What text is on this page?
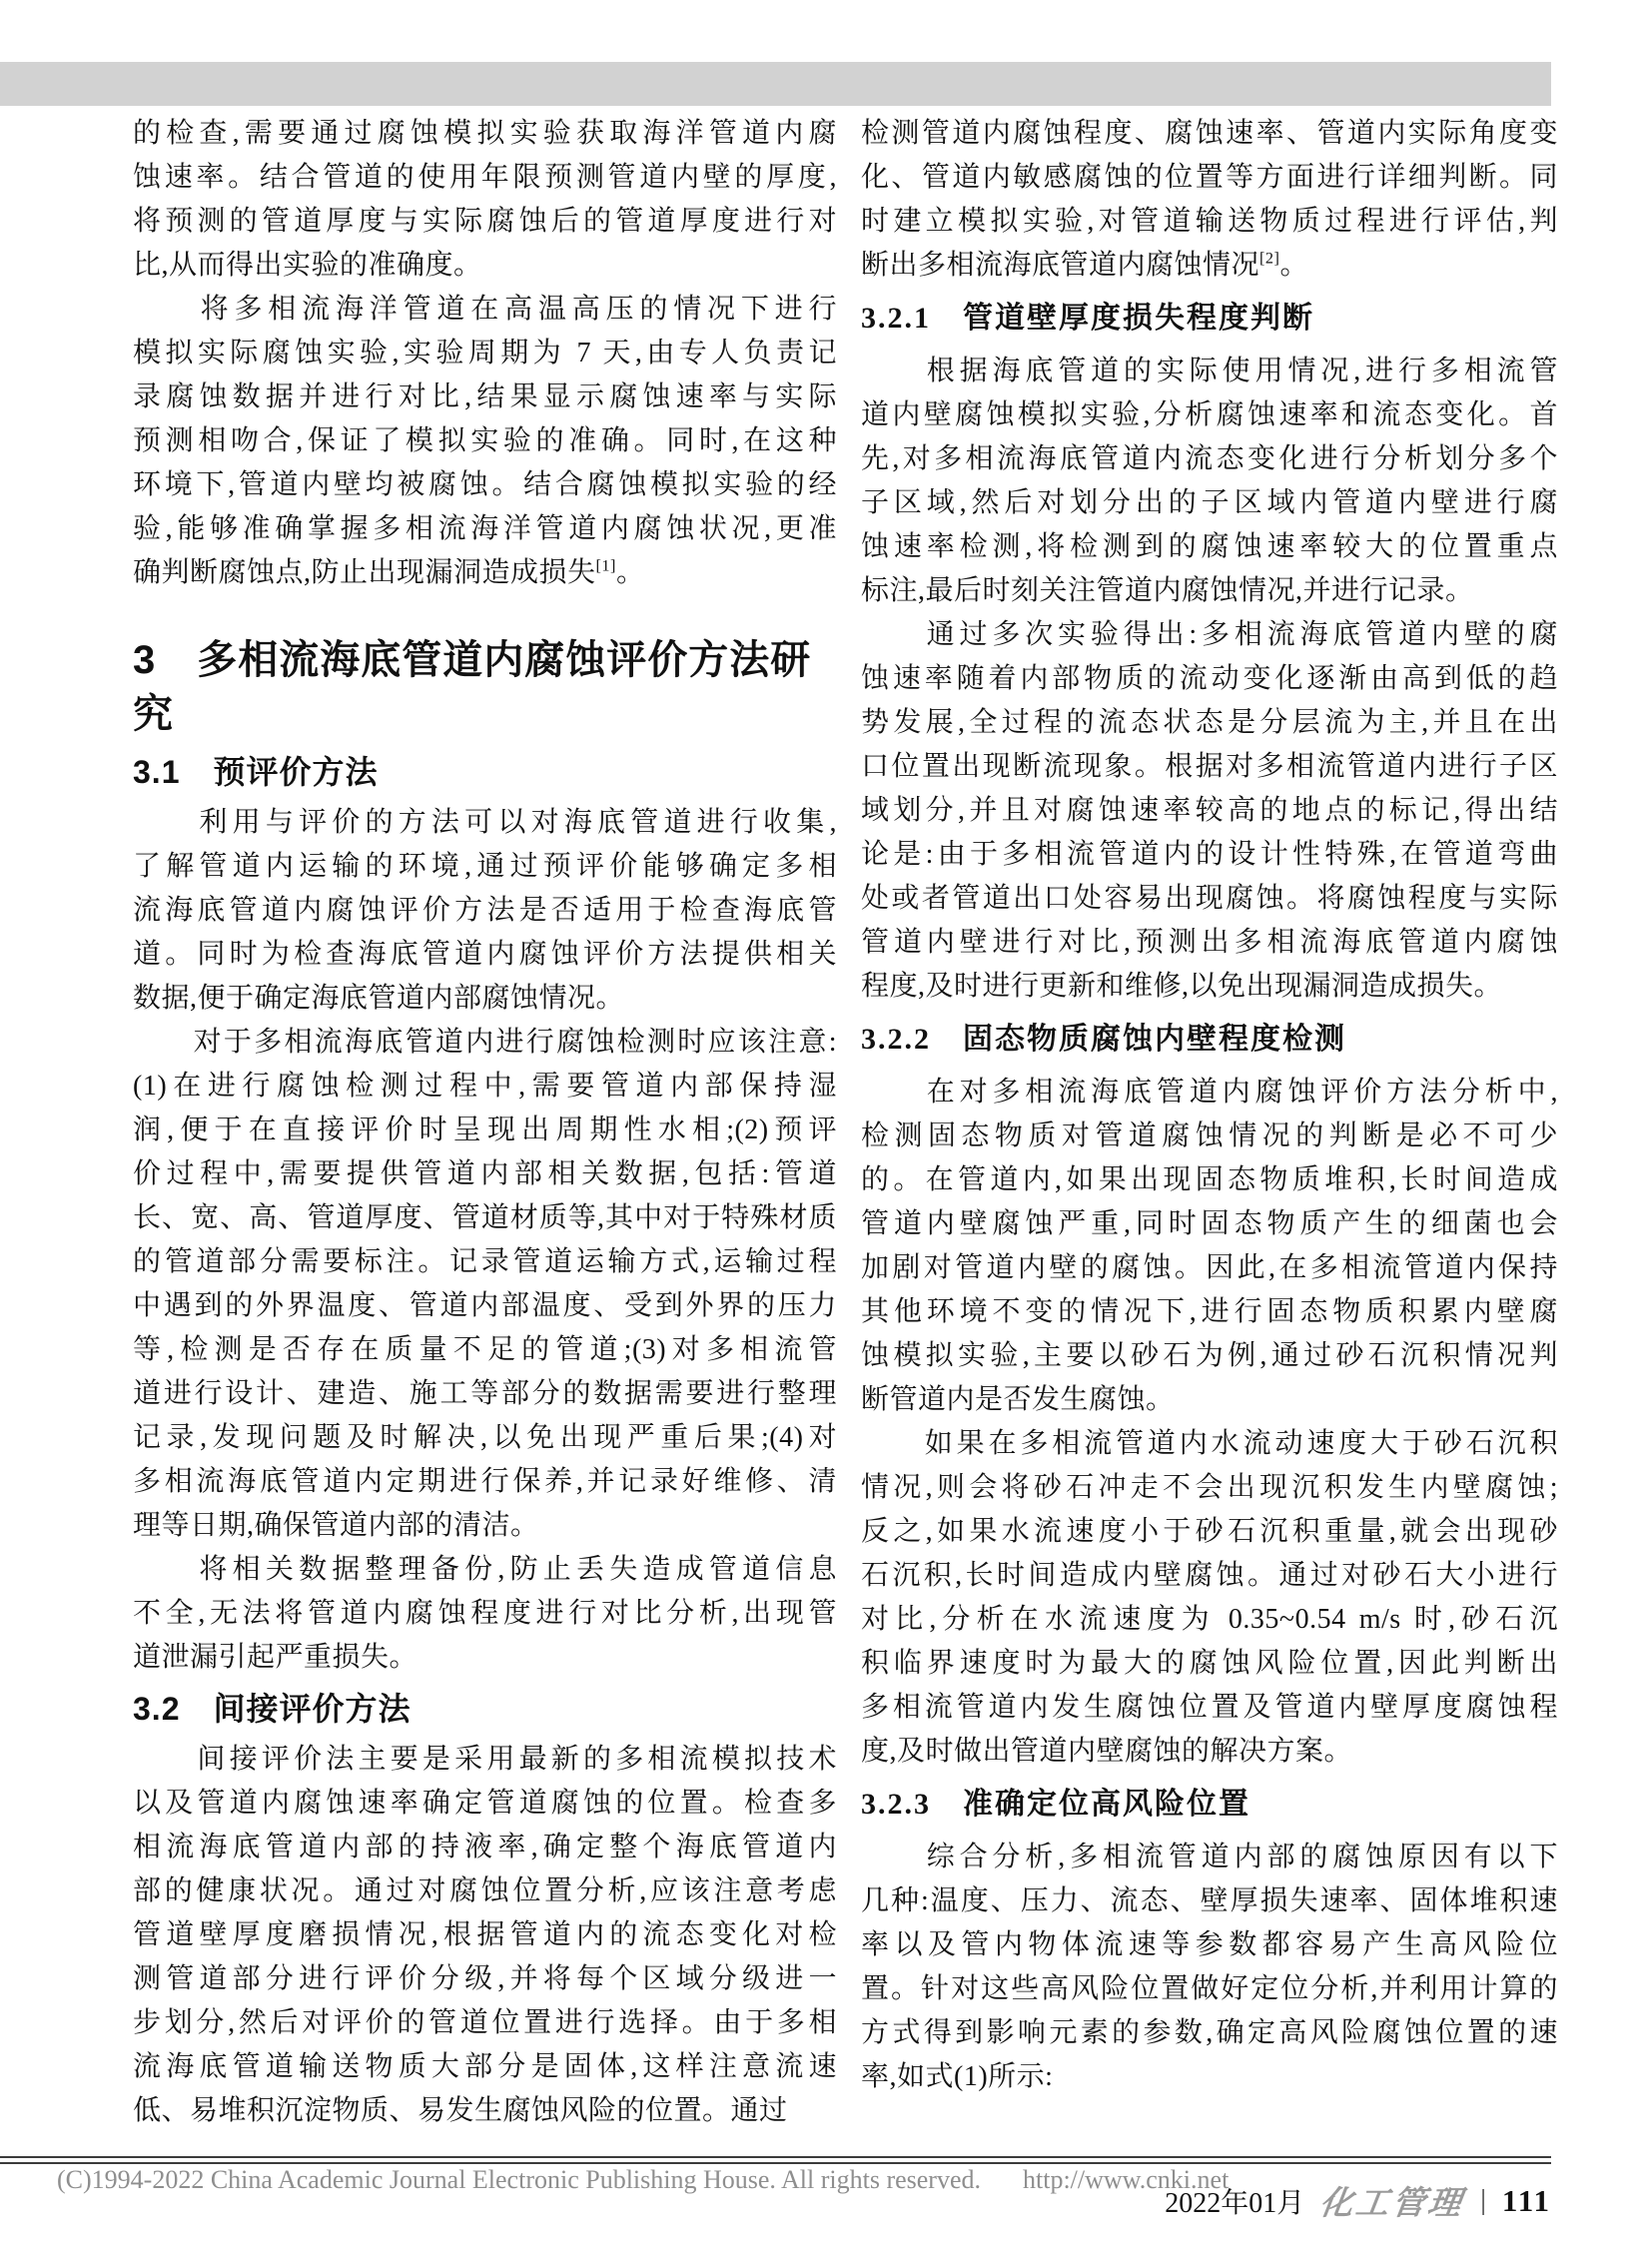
的检查,需要通过腐蚀模拟实验获取海洋管道内腐
蚀速率。结合管道的使用年限预测管道内壁的厚度,
将预测的管道厚度与实际腐蚀后的管道厚度进行对
比,从而得出实验的准确度。
　　将多相流海洋管道在高温高压的情况下进行
模拟实际腐蚀实验,实验周期为 7 天,由专人负责记
录腐蚀数据并进行对比,结果显示腐蚀速率与实际
预测相吻合,保证了模拟实验的准确。同时,在这种
环境下,管道内壁均被腐蚀。结合腐蚀模拟实验的经
验,能够准确掌握多相流海洋管道内腐蚀状况,更准
确判断腐蚀点,防止出现漏洞造成损失[1]。
3　多相流海底管道内腐蚀评价方法研究
3.1　预评价方法
　　利用与评价的方法可以对海底管道进行收集,
了解管道内运输的环境,通过预评价能够确定多相
流海底管道内腐蚀评价方法是否适用于检查海底管
道。同时为检查海底管道内腐蚀评价方法提供相关
数据,便于确定海底管道内部腐蚀情况。
　　对于多相流海底管道内进行腐蚀检测时应该注意:
(1)在进行腐蚀检测过程中,需要管道内部保持湿
润,便于在直接评价时呈现出周期性水相;(2)预评
价过程中,需要提供管道内部相关数据,包括:管道
长、宽、高、管道厚度、管道材质等,其中对于特殊材质
的管道部分需要标注。记录管道运输方式,运输过程
中遇到的外界温度、管道内部温度、受到外界的压力
等,检测是否存在质量不足的管道;(3)对多相流管
道进行设计、建造、施工等部分的数据需要进行整理
记录,发现问题及时解决,以免出现严重后果;(4)对
多相流海底管道内定期进行保养,并记录好维修、清
理等日期,确保管道内部的清洁。
　　将相关数据整理备份,防止丢失造成管道信息
不全,无法将管道内腐蚀程度进行对比分析,出现管
道泄漏引起严重损失。
3.2　间接评价方法
　　间接评价法主要是采用最新的多相流模拟技术
以及管道内腐蚀速率确定管道腐蚀的位置。检查多
相流海底管道内部的持液率,确定整个海底管道内
部的健康状况。通过对腐蚀位置分析,应该注意考虑
管道壁厚度磨损情况,根据管道内的流态变化对检
测管道部分进行评价分级,并将每个区域分级进一
步划分,然后对评价的管道位置进行选择。由于多相
流海底管道输送物质大部分是固体,这样注意流速
低、易堆积沉淀物质、易发生腐蚀风险的位置。通过
检测管道内腐蚀程度、腐蚀速率、管道内实际角度变
化、管道内敏感腐蚀的位置等方面进行详细判断。同
时建立模拟实验,对管道输送物质过程进行评估,判
断出多相流海底管道内腐蚀情况[2]。
3.2.1　管道壁厚度损失程度判断
　　根据海底管道的实际使用情况,进行多相流管
道内壁腐蚀模拟实验,分析腐蚀速率和流态变化。首
先,对多相流海底管道内流态变化进行分析划分多个
子区域,然后对划分出的子区域内管道内壁进行腐
蚀速率检测,将检测到的腐蚀速率较大的位置重点
标注,最后时刻关注管道内腐蚀情况,并进行记录。
　　通过多次实验得出:多相流海底管道内壁的腐
蚀速率随着内部物质的流动变化逐渐由高到低的趋
势发展,全过程的流态状态是分层流为主,并且在出
口位置出现断流现象。根据对多相流管道内进行子区
域划分,并且对腐蚀速率较高的地点的标记,得出结
论是:由于多相流管道内的设计性特殊,在管道弯曲
处或者管道出口处容易出现腐蚀。将腐蚀程度与实际
管道内壁进行对比,预测出多相流海底管道内腐蚀
程度,及时进行更新和维修,以免出现漏洞造成损失。
3.2.2　固态物质腐蚀内壁程度检测
　　在对多相流海底管道内腐蚀评价方法分析中,
检测固态物质对管道腐蚀情况的判断是必不可少
的。在管道内,如果出现固态物质堆积,长时间造成
管道内壁腐蚀严重,同时固态物质产生的细菌也会
加剧对管道内壁的腐蚀。因此,在多相流管道内保持
其他环境不变的情况下,进行固态物质积累内壁腐
蚀模拟实验,主要以砂石为例,通过砂石沉积情况判
断管道内是否发生腐蚀。
　　如果在多相流管道内水流动速度大于砂石沉积
情况,则会将砂石冲走不会出现沉积发生内壁腐蚀;
反之,如果水流速度小于砂石沉积重量,就会出现砂
石沉积,长时间造成内壁腐蚀。通过对砂石大小进行
对比,分析在水流速度为 0.35~0.54 m/s 时,砂石沉
积临界速度时为最大的腐蚀风险位置,因此判断出
多相流管道内发生腐蚀位置及管道内壁厚度腐蚀程
度,及时做出管道内壁腐蚀的解决方案。
3.2.3　准确定位高风险位置
　　综合分析,多相流管道内部的腐蚀原因有以下
几种:温度、压力、流态、壁厚损失速率、固体堆积速
率以及管内物体流速等参数都容易产生高风险位
置。针对这些高风险位置做好定位分析,并利用计算的
方式得到影响元素的参数,确定高风险腐蚀位置的速
率,如式(1)所示:
(C)1994-2022 China Academic Journal Electronic Publishing House. All rights reserved. http://www.cnki.net
2022年01月 化工管理 | 111
